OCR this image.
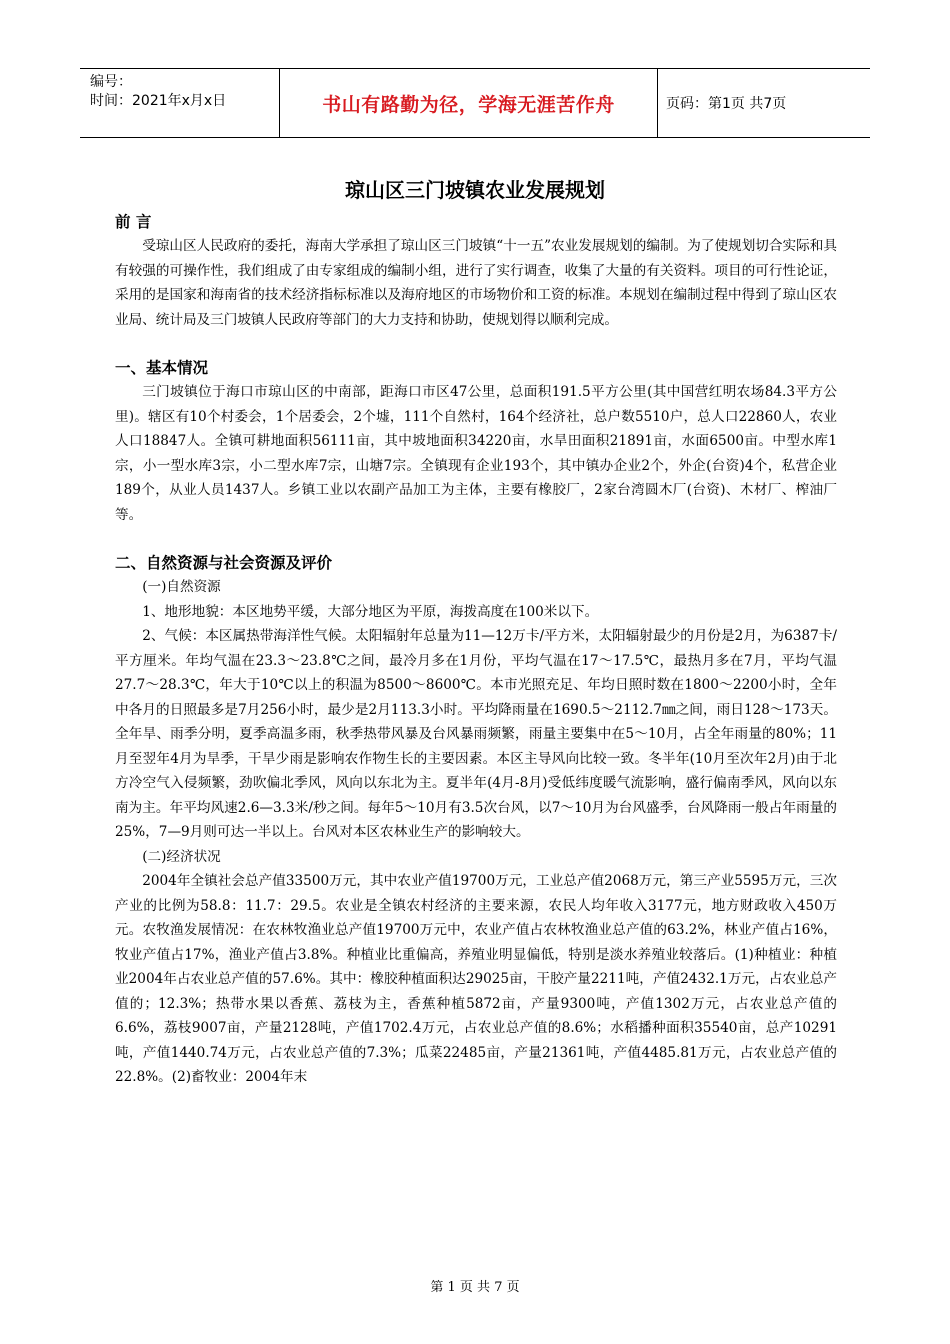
编号：
时间：2021年x月x日	书山有路勤为径，学海无涯苦作舟	页码：第1页 共7页
琼山区三门坡镇农业发展规划
前 言

受琼山区人民政府的委托，海南大学承担了琼山区三门坡镇“十一五”农业发展规划的编制。为了使规划切合实际和具有较强的可操作性，我们组成了由专家组成的编制小组，进行了实行调查，收集了大量的有关资料。项目的可行性论证，采用的是国家和海南省的技术经济指标标准以及海府地区的市场物价和工资的标准。本规划在编制过程中得到了琼山区农业局、统计局及三门坡镇人民政府等部门的大力支持和协助，使规划得以顺利完成。

一、基本情况

三门坡镇位于海口市琼山区的中南部，距海口市区47公里，总面积191.5平方公里(其中国营红明农场84.3平方公里)。辖区有10个村委会，1个居委会，2个墟，111个自然村，164个经济社，总户数5510户，总人口22860人，农业人口18847人。全镇可耕地面积56111亩，其中坡地面积34220亩，水旱田面积21891亩，水面6500亩。中型水库1宗，小一型水库3宗，小二型水库7宗，山塘7宗。全镇现有企业193个，其中镇办企业2个，外企(台资)4个，私营企业189个，从业人员1437人。乡镇工业以农副产品加工为主体，主要有橡胶厂，2家台湾圆木厂(台资)、木材厂、榨油厂等。

二、自然资源与社会资源及评价

(一)自然资源

1、地形地貌：本区地势平缓，大部分地区为平原，海拨高度在100米以下。

2、气候：本区属热带海洋性气候。太阳辐射年总量为11—12万卡/平方米，太阳辐射最少的月份是2月，为6387卡/平方厘米。年均气温在23.3～23.8℃之间，最冷月多在1月份，平均气温在17～17.5℃，最热月多在7月，平均气温27.7～28.3℃，年大于10℃以上的积温为8500～8600℃。本市光照充足、年均日照时数在1800～2200小时，全年中各月的日照最多是7月256小时，最少是2月113.3小时。平均降雨量在1690.5～2112.7㎜之间，雨日128～173天。全年旱、雨季分明，夏季高温多雨，秋季热带风暴及台风暴雨频繁，雨量主要集中在5～10月，占全年雨量的80%；11月至翌年4月为旱季，干旱少雨是影响农作物生长的主要因素。本区主导风向比较一致。冬半年(10月至次年2月)由于北方冷空气入侵频繁，劲吹偏北季风，风向以东北为主。夏半年(4月-8月)受低纬度暖气流影响，盛行偏南季风，风向以东南为主。年平均风速2.6—3.3米/秒之间。每年5～10月有3.5次台风，以7～10月为台风盛季，台风降雨一般占年雨量的25%，7—9月则可达一半以上。台风对本区农林业生产的影响较大。

(二)经济状况

2004年全镇社会总产值33500万元，其中农业产值19700万元，工业总产值2068万元，第三产业5595万元，三次产业的比例为58.8：11.7：29.5。农业是全镇农村经济的主要来源，农民人均年收入3177元，地方财政收入450万元。农牧渔发展情况：在农林牧渔业总产值19700万元中，农业产值占农林牧渔业总产值的63.2%，林业产值占16%，牧业产值占17%，渔业产值占3.8%。种植业比重偏高，养殖业明显偏低，特别是淡水养殖业较落后。(1)种植业：种植业2004年占农业总产值的57.6%。其中：橡胶种植面积达29025亩，干胶产量2211吨，产值2432.1万元，占农业总产值的；12.3%；热带水果以香蕉、荔枝为主，香蕉种植5872亩，产量9300吨，产值1302万元，占农业总产值的6.6%，荔枝9007亩，产量2128吨，产值1702.4万元，占农业总产值的8.6%；水稻播种面积35540亩，总产10291吨，产值1440.74万元，占农业总产值的7.3%；瓜菜22485亩，产量21361吨，产值4485.81万元，占农业总产值的22.8%。(2)畜牧业：2004年末

第 1 页 共 7 页
